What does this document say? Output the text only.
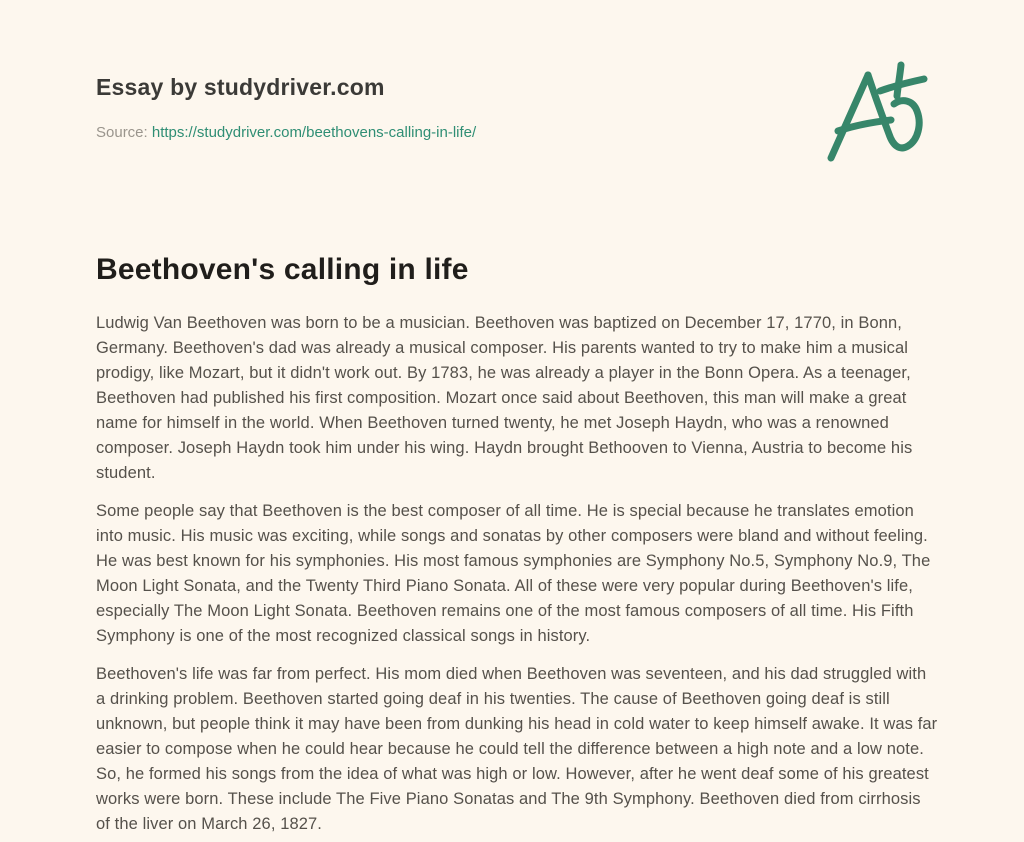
Essay by studydriver.com
Source: https://studydriver.com/beethovens-calling-in-life/
Beethoven's calling in life

Ludwig Van Beethoven was born to be a musician. Beethoven was baptized on December 17, 1770, in Bonn, Germany. Beethoven's dad was already a musical composer. His parents wanted to try to make him a musical prodigy, like Mozart, but it didn't work out. By 1783, he was already a player in the Bonn Opera. As a teenager, Beethoven had published his first composition. Mozart once said about Beethoven, this man will make a great name for himself in the world. When Beethoven turned twenty, he met Joseph Haydn, who was a renowned composer. Joseph Haydn took him under his wing. Haydn brought Bethooven to Vienna, Austria to become his student.

Some people say that Beethoven is the best composer of all time. He is special because he translates emotion into music. His music was exciting, while songs and sonatas by other composers were bland and without feeling. He was best known for his symphonies. His most famous symphonies are Symphony No.5, Symphony No.9, The Moon Light Sonata, and the Twenty Third Piano Sonata. All of these were very popular during Beethoven's life, especially The Moon Light Sonata. Beethoven remains one of the most famous composers of all time. His Fifth Symphony is one of the most recognized classical songs in history.

Beethoven's life was far from perfect. His mom died when Beethoven was seventeen, and his dad struggled with a drinking problem. Beethoven started going deaf in his twenties. The cause of Beethoven going deaf is still unknown, but people think it may have been from dunking his head in cold water to keep himself awake. It was far easier to compose when he could hear because he could tell the difference between a high note and a low note. So, he formed his songs from the idea of what was high or low. However, after he went deaf some of his greatest works were born. These include The Five Piano Sonatas and The 9th Symphony. Beethoven died from cirrhosis of the liver on March 26, 1827.
